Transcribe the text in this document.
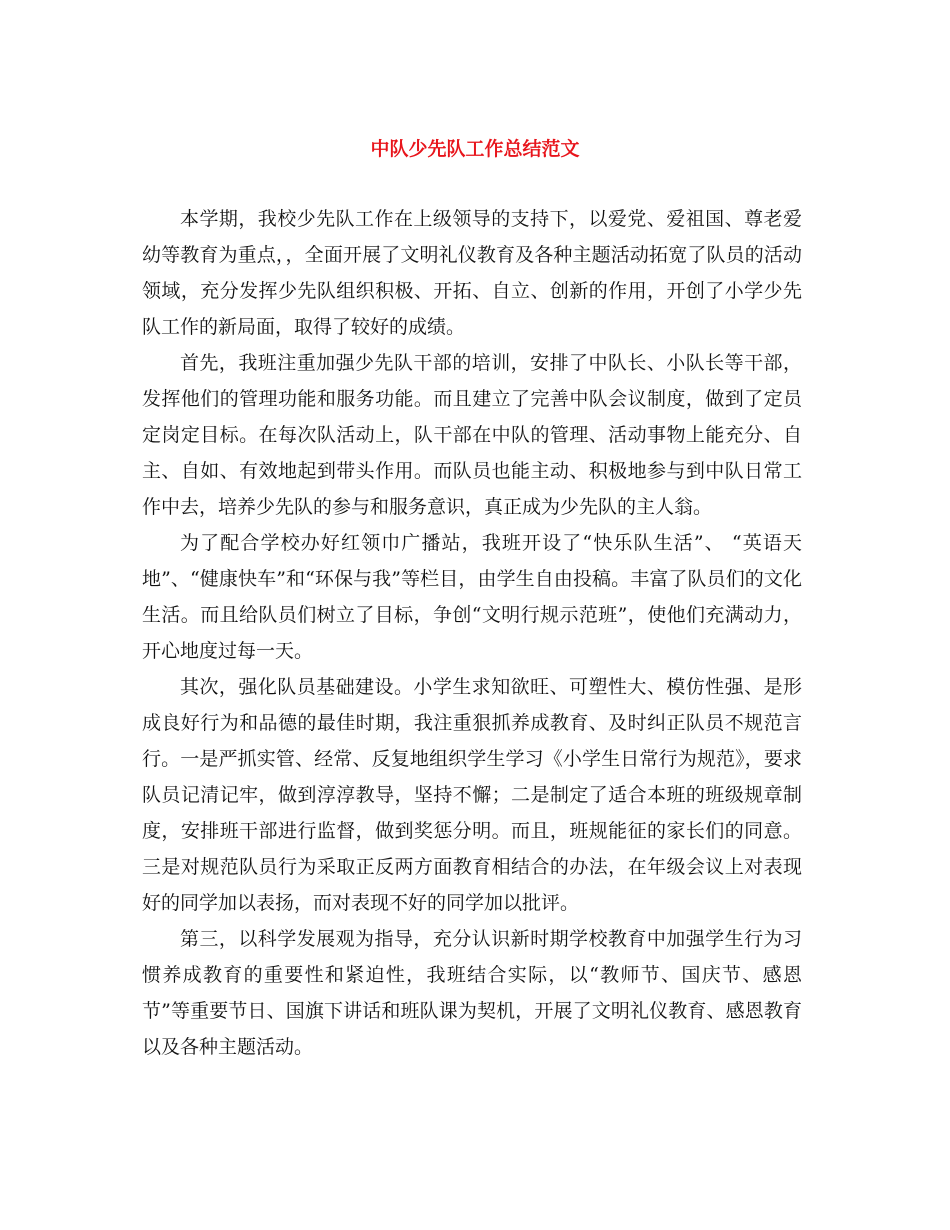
中队少先队工作总结范文

本学期，我校少先队工作在上级领导的支持下，以爱党、爱祖国、尊老爱幼等教育为重点，，全面开展了文明礼仪教育及各种主题活动拓宽了队员的活动领域，充分发挥少先队组织积极、开拓、自立、创新的作用，开创了小学少先队工作的新局面，取得了较好的成绩。

首先，我班注重加强少先队干部的培训，安排了中队长、小队长等干部，发挥他们的管理功能和服务功能。而且建立了完善中队会议制度，做到了定员定岗定目标。在每次队活动上，队干部在中队的管理、活动事物上能充分、自主、自如、有效地起到带头作用。而队员也能主动、积极地参与到中队日常工作中去，培养少先队的参与和服务意识，真正成为少先队的主人翁。

为了配合学校办好红领巾广播站，我班开设了“快乐队生活”、 “英语天地”、“健康快车”和“环保与我”等栏目，由学生自由投稿。丰富了队员们的文化生活。而且给队员们树立了目标，争创“文明行规示范班”，使他们充满动力，开心地度过每一天。

其次，强化队员基础建设。小学生求知欲旺、可塑性大、模仿性强、是形成良好行为和品德的最佳时期，我注重狠抓养成教育、及时纠正队员不规范言行。一是严抓实管、经常、反复地组织学生学习《小学生日常行为规范》，要求队员记清记牢，做到淳淳教导，坚持不懈；二是制定了适合本班的班级规章制度，安排班干部进行监督，做到奖惩分明。而且，班规能征的家长们的同意。三是对规范队员行为采取正反两方面教育相结合的办法，在年级会议上对表现好的同学加以表扬，而对表现不好的同学加以批评。

第三，以科学发展观为指导，充分认识新时期学校教育中加强学生行为习惯养成教育的重要性和紧迫性，我班结合实际，以“教师节、国庆节、感恩节”等重要节日、国旗下讲话和班队课为契机，开展了文明礼仪教育、感恩教育以及各种主题活动。
